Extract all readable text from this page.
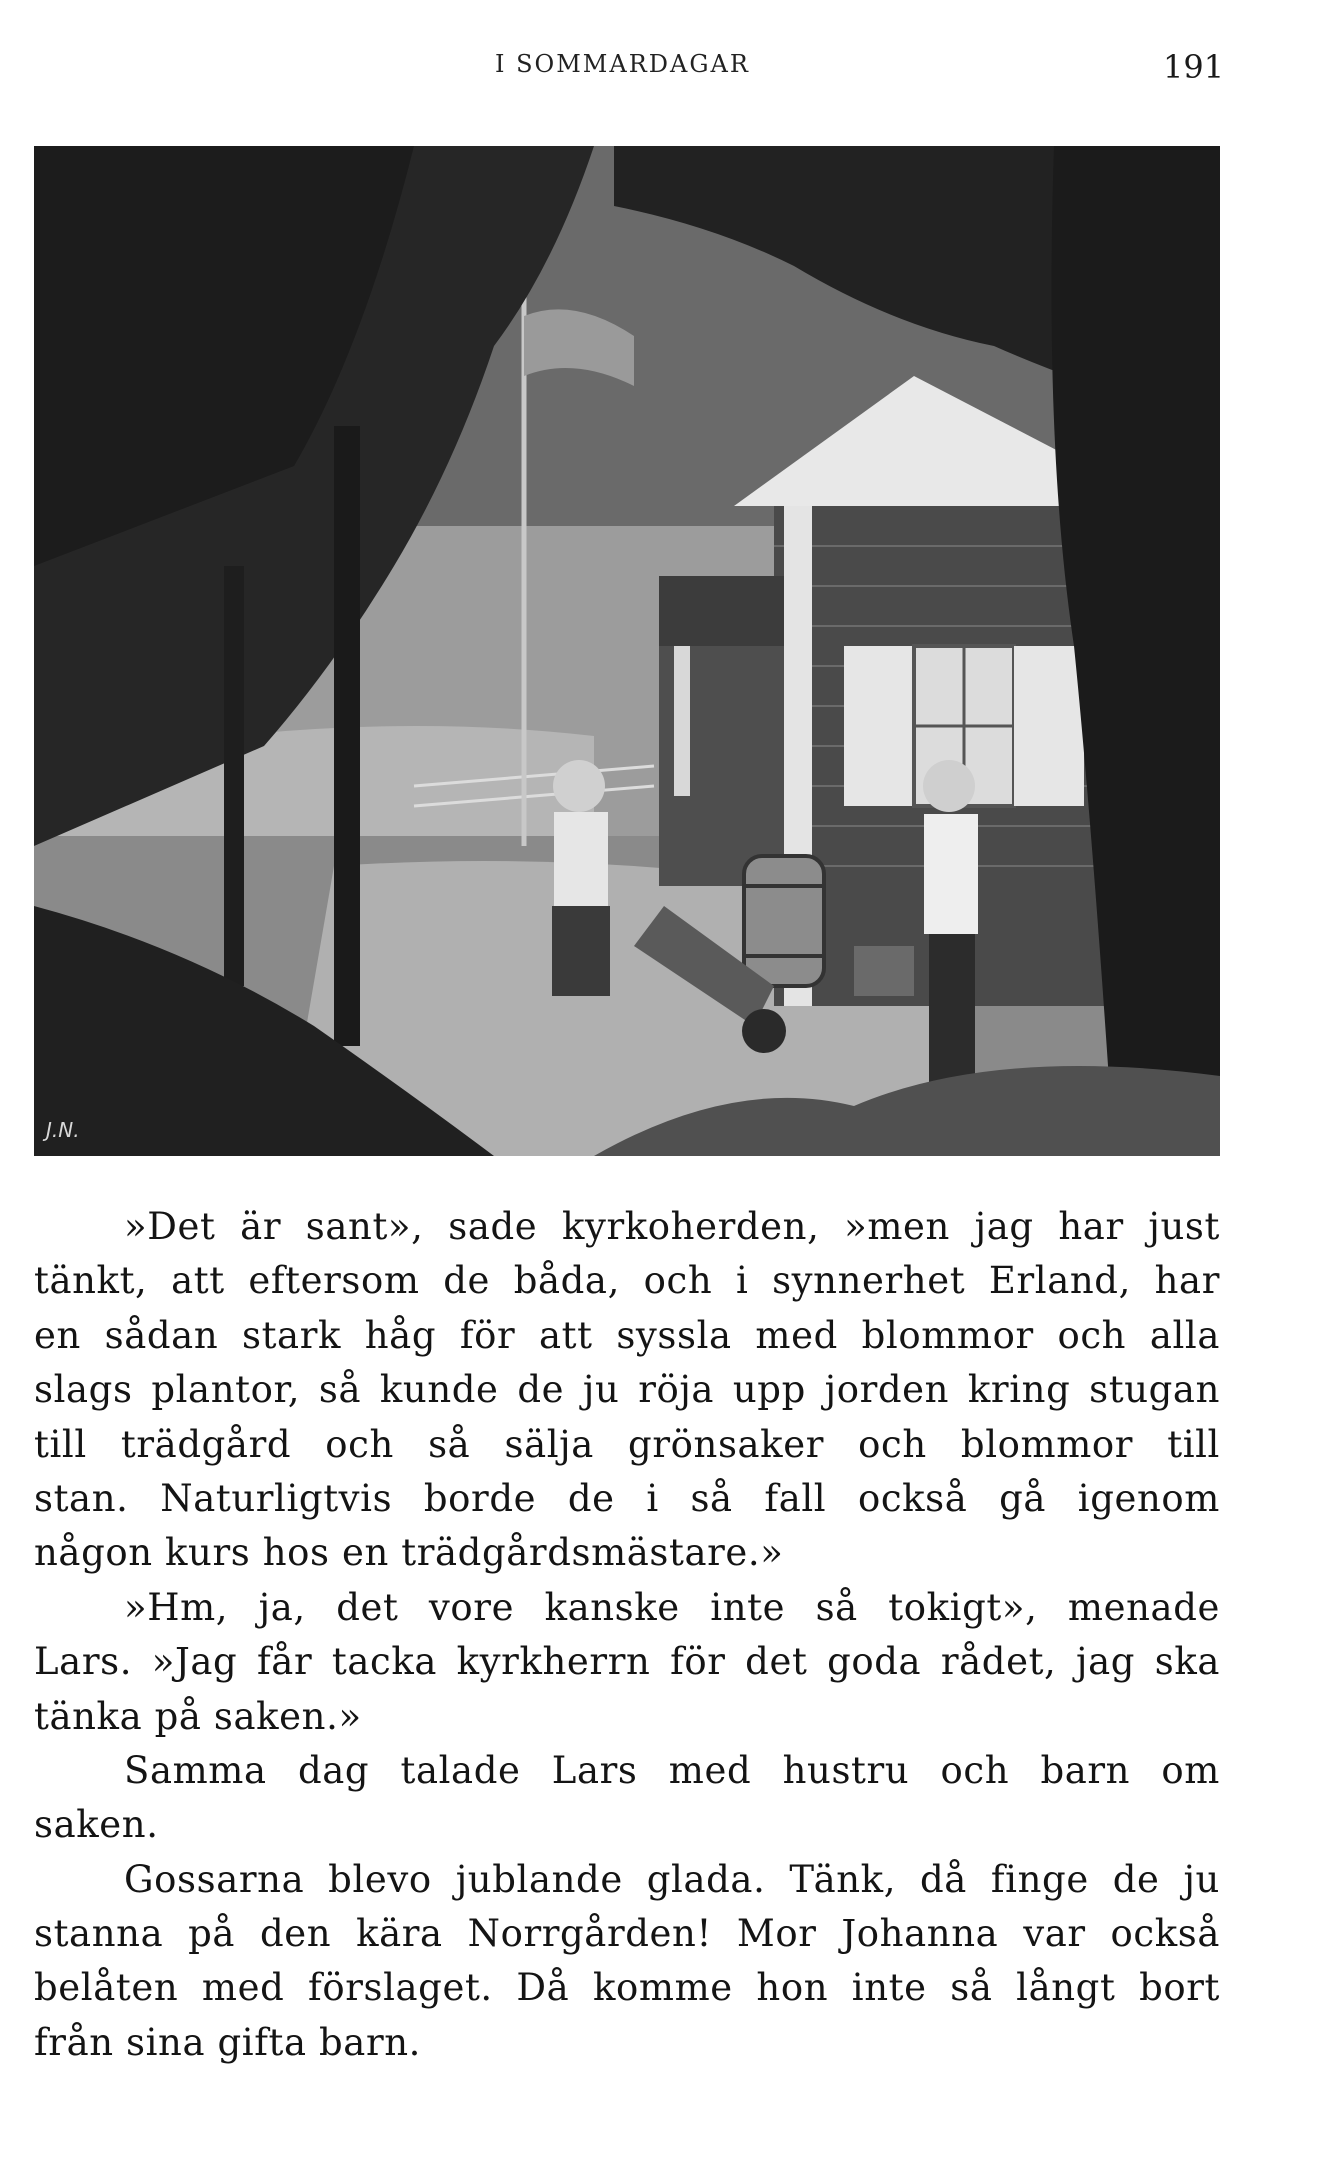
I SOMMARDAGAR	191
J.N.
»Det är sant», sade kyrkoherden, »men jag har just
tänkt, att eftersom de båda, och i synnerhet Erland, har
en sådan stark håg för att syssla med blommor och alla
slags plantor, så kunde de ju röja upp jorden kring stugan
till trädgård och så sälja grönsaker och blommor till
stan. Naturligtvis borde de i så fall också gå igenom
någon kurs hos en trädgårdsmästare.»
»Hm, ja, det vore kanske inte så tokigt», menade
Lars. »Jag får tacka kyrkherrn för det goda rådet, jag ska
tänka på saken.»
Samma dag talade Lars med hustru och barn om
saken.
Gossarna blevo jublande glada. Tänk, då finge de ju
stanna på den kära Norrgården! Mor Johanna var också
belåten med förslaget. Då komme hon inte så långt bort
från sina gifta barn.
